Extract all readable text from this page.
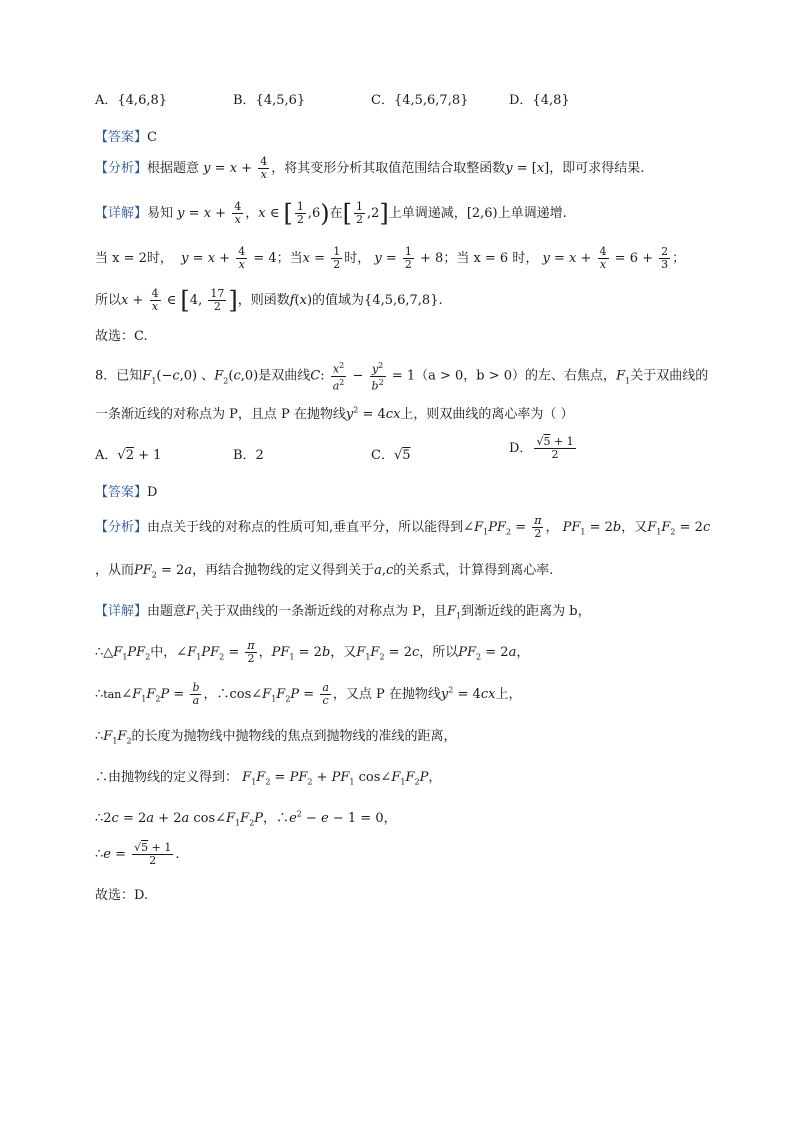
A．{4,6,8}	B．{4,5,6}	C．{4,5,6,7,8}	D．{4,8}
【答案】C
【分析】根据题意 $y = x + \frac{4}{x}$ ，将其变形分析其取值范围结合取整函数y = [x]，即可求得结果.
【详解】易知 $y = x + \frac{4}{x}$ ，x ∈ [ $\frac{1}{2} ,6$)在[ $\frac{1}{2} ,2$]上单调递减，[2,6)上单调递增.
当 x = 2时， $y = x + \frac{4}{x} = 4$；当$x = \frac{1}{2}$ 时， $y = \frac{1}{2} + 8$；当 x = 6 时， $y = x + \frac{4}{x} = 6 + \frac{2}{3}$ ；
所以$x + \frac{4}{x}$ ∈ [4, $\frac{17}{2}$ ]，则函数f(x)的值域为{4,5,6,7,8}.
故选：C.
8．已知$F_1(-c,0)$ 、$F_2(c,0)$是双曲线C: $\frac{x^2}{a^2} - \frac{y^2}{b^2} = 1(a > 0$，b > 0）的左、右焦点，$F_1$关于双曲线的
一条渐近线的对称点为 P，且点 P 在抛物线$y^2 = 4cx$上，则双曲线的离心率为（ ）
A．√2 + 1	B．2	C．√5	D． $\frac{√5 + 1}{2}$
【答案】D
【分析】由点关于线的对称点的性质可知,垂直平分，所以能得到$\angle F_1PF_2 = \frac{\pi}{2}$ ， $PF_1 = 2b$，又$F_1F_2 = 2c$
，从而$PF_2 = 2a$，再结合抛物线的定义得到关于a,c的关系式，计算得到离心率.
【详解】由题意$F_1$关于双曲线的一条渐近线的对称点为 P，且$F_1$到渐近线的距离为 b，
$\therefore\triangle F_1PF_2$中，$\angle F_1PF_2 = \frac{\pi}{2}$ ，$PF_1 = 2b$，又$F_1F_2 = 2c$，所以$PF_2 = 2a$，
$\therefore\tan\angle F_1F_2P = \frac{b}{a}$ ，$\therefore\cos\angle F_1F_2P = \frac{a}{c}$ ，又点 P 在抛物线$y^2 = 4cx$上，
$\therefore F_1F_2$的长度为抛物线中抛物线的焦点到抛物线的准线的距离，
∴由抛物线的定义得到： $F_1F_2 = PF_2 + PF_1$ $\cos\angle F_1F_2P$，
∴2c = 2a + 2a $\cos\angle F_1F_2P$，$\therefore e^2 - e - 1 = 0$，
∴e = $\frac{√5 + 1}{2}$ .
故选：D.
